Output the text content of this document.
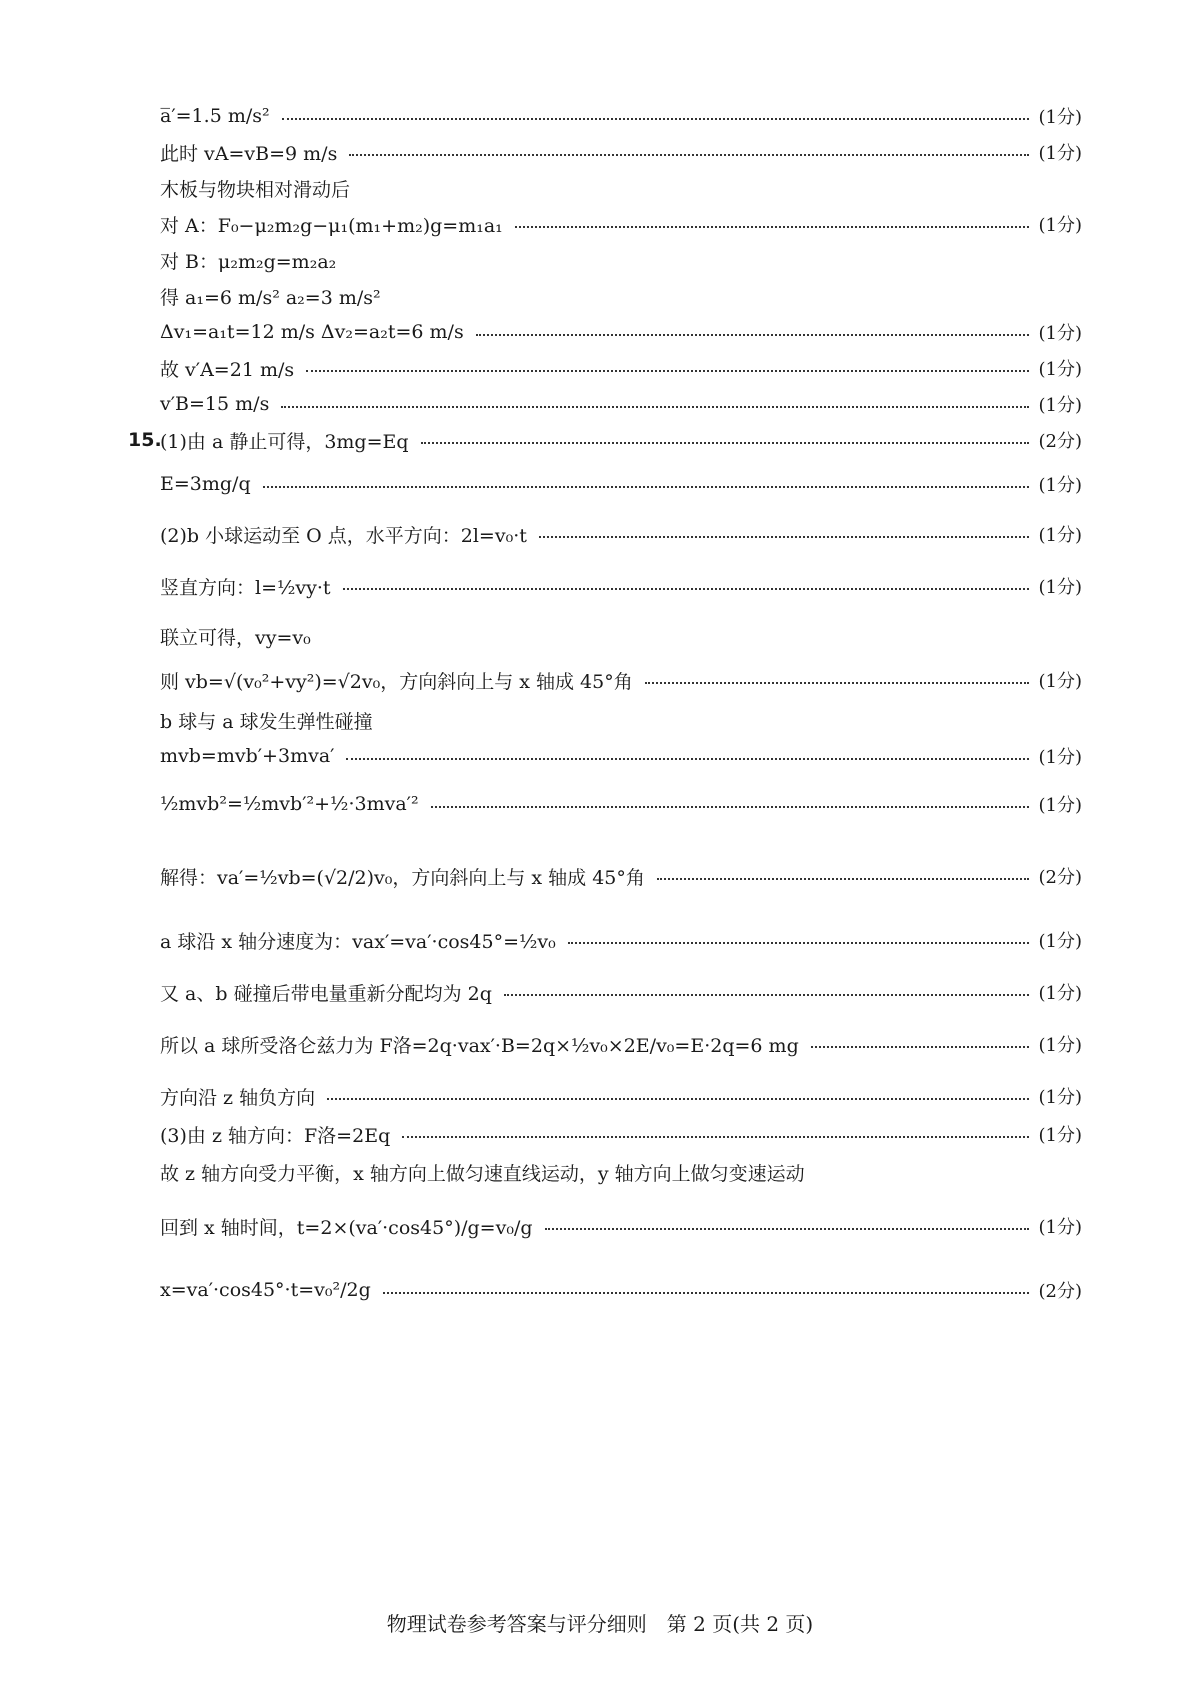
a̅′=1.5 m/s²	(1分)
此时 vA=vB=9 m/s	(1分)
木板与物块相对滑动后
对 A：F₀−μ₂m₂g−μ₁(m₁+m₂)g=m₁a₁	(1分)
对 B：μ₂m₂g=m₂a₂
得 a₁=6 m/s² a₂=3 m/s²
Δv₁=a₁t=12 m/s Δv₂=a₂t=6 m/s	(1分)
故 v′A=21 m/s	(1分)
v′B=15 m/s	(1分)
15.
(1)由 a 静止可得，3mg=Eq	(2分)
E=3mg/q	(1分)
(2)b 小球运动至 O 点，水平方向：2l=v₀·t	(1分)
竖直方向：l=½vy·t	(1分)
联立可得，vy=v₀
则 vb=√(v₀²+vy²)=√2v₀，方向斜向上与 x 轴成 45°角	(1分)
b 球与 a 球发生弹性碰撞
mvb=mvb′+3mva′	(1分)
½mvb²=½mvb′²+½·3mva′²	(1分)
解得：va′=½vb=(√2/2)v₀，方向斜向上与 x 轴成 45°角	(2分)
a 球沿 x 轴分速度为：vax′=va′·cos45°=½v₀	(1分)
又 a、b 碰撞后带电量重新分配均为 2q	(1分)
所以 a 球所受洛仑兹力为 F洛=2q·vax′·B=2q×½v₀×2E/v₀=E·2q=6 mg	(1分)
方向沿 z 轴负方向	(1分)
(3)由 z 轴方向：F洛=2Eq	(1分)
故 z 轴方向受力平衡，x 轴方向上做匀速直线运动，y 轴方向上做匀变速运动
回到 x 轴时间，t=2×(va′·cos45°)/g=v₀/g	(1分)
x=va′·cos45°·t=v₀²/2g	(2分)
物理试卷参考答案与评分细则　第 2 页(共 2 页)
